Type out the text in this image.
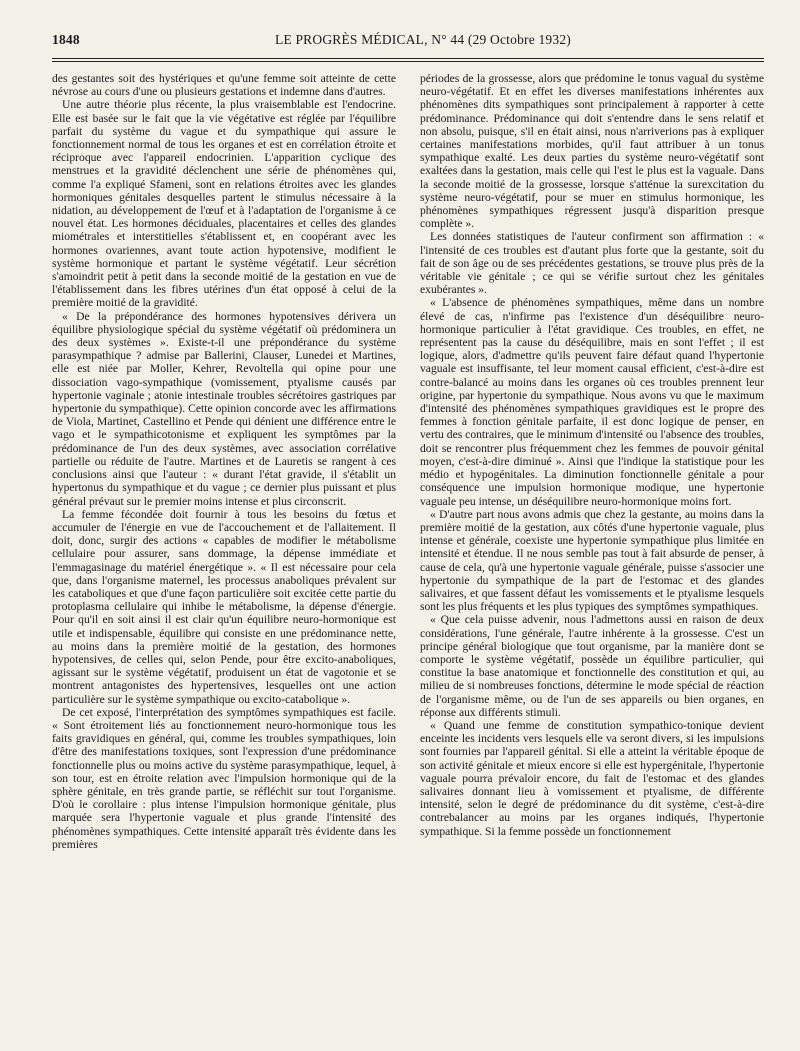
1848	LE PROGRÈS MÉDICAL, N° 44 (29 Octobre 1932)

des gestantes soit des hystériques et qu'une femme soit atteinte de cette névrose au cours d'une ou plusieurs gestations et indemne dans d'autres.

Une autre théorie plus récente, la plus vraisemblable est l'endocrine. Elle est basée sur le fait que la vie végétative est réglée par l'équilibre parfait du système du vague et du sympathique qui assure le fonctionnement normal de tous les organes et est en corrélation étroite et réciproque avec l'appareil endocrinien. L'apparition cyclique des menstrues et la gravidité déclenchent une série de phénomènes qui, comme l'a expliqué Sfameni, sont en relations étroites avec les glandes hormoniques génitales desquelles partent le stimulus nécessaire à la nidation, au développement de l'œuf et à l'adaptation de l'organisme à ce nouvel état. Les hormones déciduales, placentaires et celles des glandes miométrales et interstitielles s'établissent et, en coopérant avec les hormones ovariennes, avant toute action hypotensive, modifient le système hormonique et partant le système végétatif. Leur sécrétion s'amoindrit petit à petit dans la seconde moitié de la gestation en vue de l'établissement dans les fibres utérines d'un état opposé à celui de la première moitié de la gravidité.

« De la prépondérance des hormones hypotensives dérivera un équilibre physiologique spécial du système végétatif où prédominera un des deux systèmes ». Existe-t-il une prépondérance du système parasympathique ? admise par Ballerini, Clauser, Lunedei et Martines, elle est niée par Moller, Kehrer, Revoltella qui opine pour une dissociation vago-sympathique (vomissement, ptyalisme causés par hypertonie vaginale ; atonie intestinale troubles sécrétoires gastriques par hypertonie du sympathique). Cette opinion concorde avec les affirmations de Viola, Martinet, Castellino et Pende qui dénient une différence entre le vago et le sympathicotonisme et expliquent les symptômes par la prédominance de l'un des deux systèmes, avec association corrélative partielle ou réduite de l'autre. Martines et de Lauretis se rangent à ces conclusions ainsi que l'auteur : « durant l'état gravide, il s'établit un hypertonus du sympathique et du vague ; ce dernier plus puissant et plus général prévaut sur le premier moins intense et plus circonscrit.

La femme fécondée doit fournir à tous les besoins du fœtus et accumuler de l'énergie en vue de l'accouchement et de l'allaitement. Il doit, donc, surgir des actions « capables de modifier le métabolisme cellulaire pour assurer, sans dommage, la dépense immédiate et l'emmagasinage du matériel énergétique ». « Il est nécessaire pour cela que, dans l'organisme maternel, les processus anaboliques prévalent sur les cataboliques et que d'une façon particulière soit excitée cette partie du protoplasma cellulaire qui inhibe le métabolisme, la dépense d'énergie. Pour qu'il en soit ainsi il est clair qu'un équilibre neuro-hormonique est utile et indispensable, équilibre qui consiste en une prédominance nette, au moins dans la première moitié de la gestation, des hormones hypotensives, de celles qui, selon Pende, pour être excito-anaboliques, agissant sur le système végétatif, produisent un état de vagotonie et se montrent antagonistes des hypertensives, lesquelles ont une action particulière sur le système sympathique ou excito-catabolique ».

De cet exposé, l'interprétation des symptômes sympathiques est facile. « Sont étroitement liés au fonctionnement neuro-hormonique tous les faits gravidiques en général, qui, comme les troubles sympathiques, loin d'être des manifestations toxiques, sont l'expression d'une prédominance fonctionnelle plus ou moins active du système parasympathique, lequel, à son tour, est en étroite relation avec l'impulsion hormonique qui de la sphère génitale, en très grande partie, se réfléchit sur tout l'organisme. D'où le corollaire : plus intense l'impulsion hormonique génitale, plus marquée sera l'hypertonie vaguale et plus grande l'intensité des phénomènes sympathiques. Cette intensité apparaît très évidente dans les premières

périodes de la grossesse, alors que prédomine le tonus vagual du système neuro-végétatif. Et en effet les diverses manifestations inhérentes aux phénomènes dits sympathiques sont principalement à rapporter à cette prédominance. Prédominance qui doit s'entendre dans le sens relatif et non absolu, puisque, s'il en était ainsi, nous n'arriverions pas à expliquer certaines manifestations morbides, qu'il faut attribuer à un tonus sympathique exalté. Les deux parties du système neuro-végétatif sont exaltées dans la gestation, mais celle qui l'est le plus est la vaguale. Dans la seconde moitié de la grossesse, lorsque s'atténue la surexcitation du système neuro-végétatif, pour se muer en stimulus hormonique, les phénomènes sympathiques régressent jusqu'à disparition presque complète ».

Les données statistiques de l'auteur confirment son affirmation : « l'intensité de ces troubles est d'autant plus forte que la gestante, soit du fait de son âge ou de ses précédentes gestations, se trouve plus près de la véritable vie génitale ; ce qui se vérifie surtout chez les génitales exubérantes ».

« L'absence de phénomènes sympathiques, même dans un nombre élevé de cas, n'infirme pas l'existence d'un déséquilibre neuro-hormonique particulier à l'état gravidique. Ces troubles, en effet, ne représentent pas la cause du déséquilibre, mais en sont l'effet ; il est logique, alors, d'admettre qu'ils peuvent faire défaut quand l'hypertonie vaguale est insuffisante, tel leur moment causal efficient, c'est-à-dire est contre-balancé au moins dans les organes où ces troubles prennent leur origine, par hypertonie du sympathique. Nous avons vu que le maximum d'intensité des phénomènes sympathiques gravidiques est le propre des femmes à fonction génitale parfaite, il est donc logique de penser, en vertu des contraires, que le minimum d'intensité ou l'absence des troubles, doit se rencontrer plus fréquemment chez les femmes de pouvoir génital moyen, c'est-à-dire diminué ». Ainsi que l'indique la statistique pour les médio et hypogénitales. La diminution fonctionnelle génitale a pour conséquence une impulsion hormonique modique, une hypertonie vaguale peu intense, un déséquilibre neuro-hormonique moins fort.

« D'autre part nous avons admis que chez la gestante, au moins dans la première moitié de la gestation, aux côtés d'une hypertonie vaguale, plus intense et générale, coexiste une hypertonie sympathique plus limitée en intensité et étendue. Il ne nous semble pas tout à fait absurde de penser, à cause de cela, qu'à une hypertonie vaguale générale, puisse s'associer une hypertonie du sympathique de la part de l'estomac et des glandes salivaires, et que fassent défaut les vomissements et le ptyalisme lesquels sont les plus fréquents et les plus typiques des symptômes sympathiques.

« Que cela puisse advenir, nous l'admettons aussi en raison de deux considérations, l'une générale, l'autre inhérente à la grossesse. C'est un principe général biologique que tout organisme, par la manière dont se comporte le système végétatif, possède un équilibre particulier, qui constitue la base anatomique et fonctionnelle des constitution et qui, au milieu de si nombreuses fonctions, détermine le mode spécial de réaction de l'organisme même, ou de l'un de ses appareils ou bien organes, en réponse aux différents stimuli.

« Quand une femme de constitution sympathico-tonique devient enceinte les incidents vers lesquels elle va seront divers, si les impulsions sont fournies par l'appareil génital. Si elle a atteint la véritable époque de son activité génitale et mieux encore si elle est hypergénitale, l'hypertonie vaguale pourra prévaloir encore, du fait de l'estomac et des glandes salivaires donnant lieu à vomissement et ptyalisme, de différente intensité, selon le degré de prédominance du dit système, c'est-à-dire contrebalancer au moins par les organes indiqués, l'hypertonie sympathique. Si la femme possède un fonctionnement
